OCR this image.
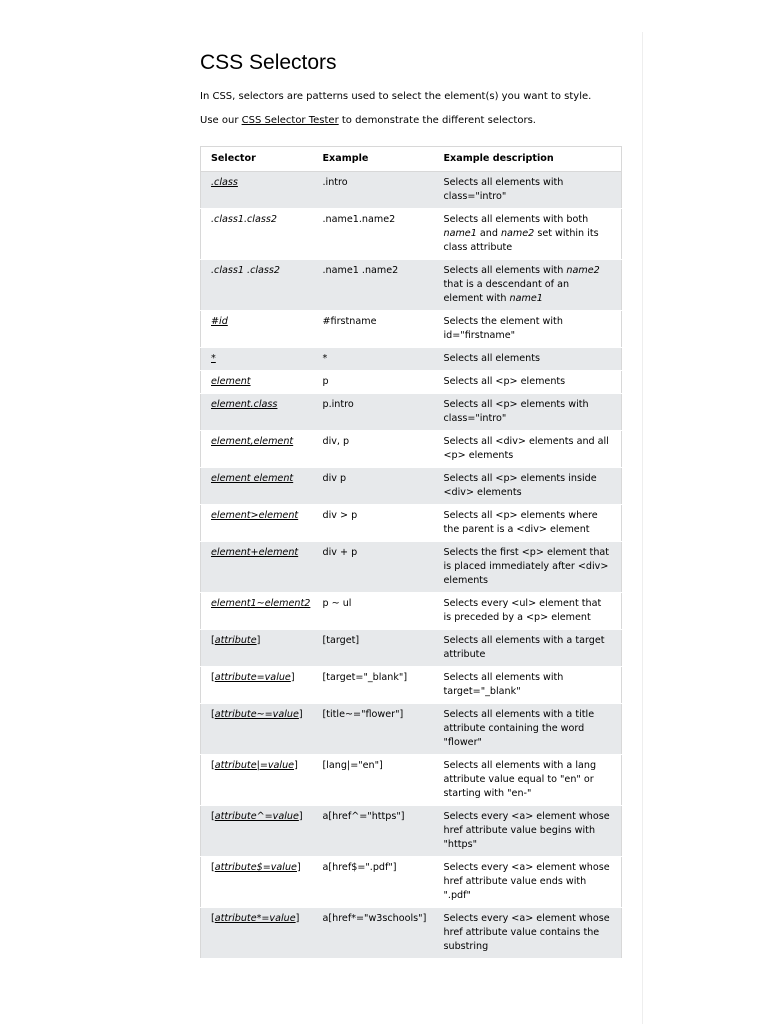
CSS Selectors

In CSS, selectors are patterns used to select the element(s) you want to style.

Use our CSS Selector Tester to demonstrate the different selectors.

Selector	Example	Example description
.class	.intro	Selects all elements with class="intro"
.class1.class2	.name1.name2	Selects all elements with both name1 and name2 set within its class attribute
.class1 .class2	.name1 .name2	Selects all elements with name2 that is a descendant of an element with name1
#id	#firstname	Selects the element with id="firstname"
*	*	Selects all elements
element	p	Selects all <p> elements
element.class	p.intro	Selects all <p> elements with class="intro"
element,element	div, p	Selects all <div> elements and all <p> elements
element element	div p	Selects all <p> elements inside <div> elements
element>element	div > p	Selects all <p> elements where the parent is a <div> element
element+element	div + p	Selects the first <p> element that is placed immediately after <div> elements
element1~element2	p ~ ul	Selects every <ul> element that is preceded by a <p> element
[attribute]	[target]	Selects all elements with a target attribute
[attribute=value]	[target="_blank"]	Selects all elements with target="_blank"
[attribute~=value]	[title~="flower"]	Selects all elements with a title attribute containing the word "flower"
[attribute|=value]	[lang|="en"]	Selects all elements with a lang attribute value equal to "en" or starting with "en-"
[attribute^=value]	a[href^="https"]	Selects every <a> element whose href attribute value begins with "https"
[attribute$=value]	a[href$=".pdf"]	Selects every <a> element whose href attribute value ends with ".pdf"
[attribute*=value]	a[href*="w3schools"]	Selects every <a> element whose href attribute value contains the substring
